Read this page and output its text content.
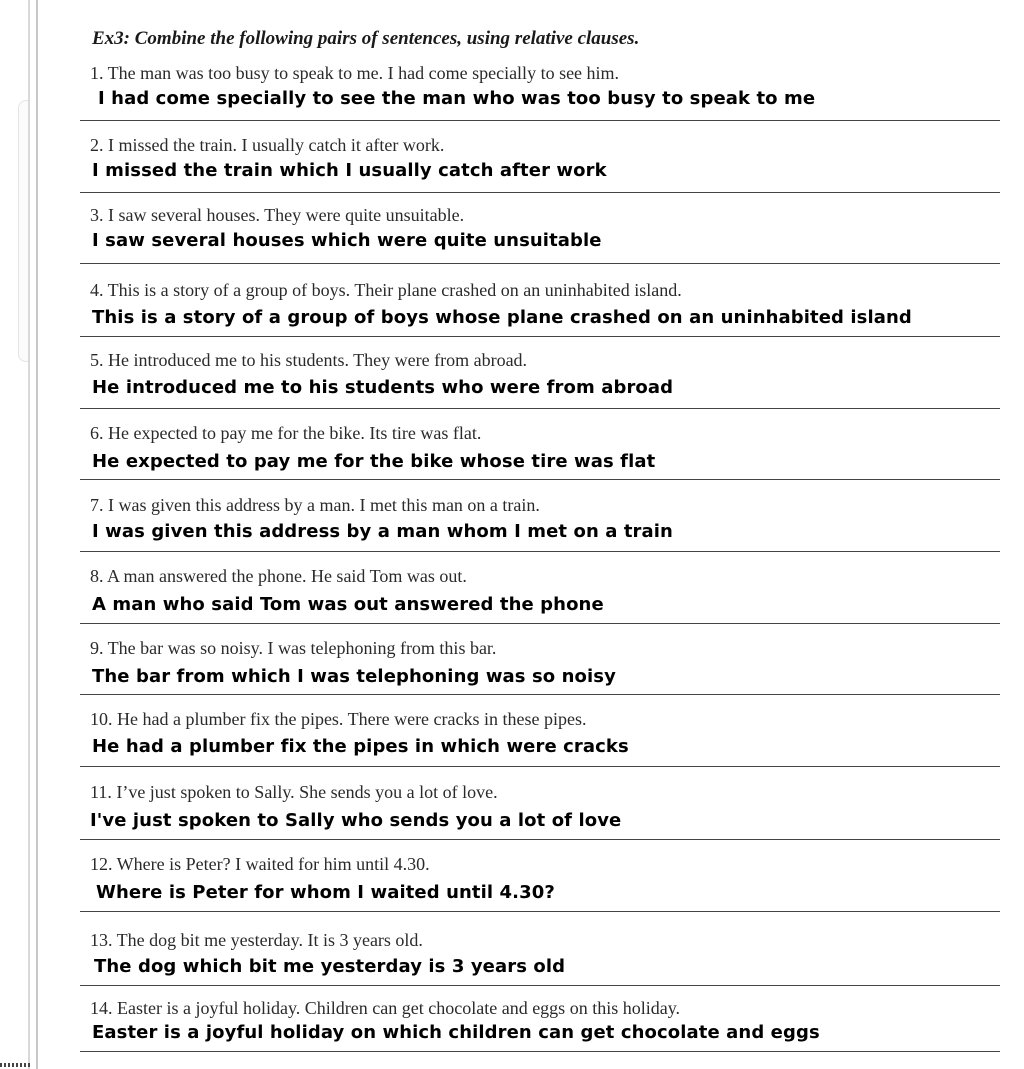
Ex3: Combine the following pairs of sentences, using relative clauses.
1. The man was too busy to speak to me. I had come specially to see him.
I had come specially to see the man who was too busy to speak to me
2. I missed the train. I usually catch it after work.
I missed the train which I usually catch after work
3. I saw several houses. They were quite unsuitable.
I saw several houses which were quite unsuitable
4. This is a story of a group of boys. Their plane crashed on an uninhabited island.
This is a story of a group of boys whose plane crashed on an uninhabited island
5. He introduced me to his students. They were from abroad.
He introduced me to his students who were from abroad
6. He expected to pay me for the bike. Its tire was flat.
He expected to pay me for the bike whose tire was flat
7. I was given this address by a man. I met this man on a train.
I was given this address by a man whom I met on a train
8. A man answered the phone. He said Tom was out.
A man who said Tom was out answered the phone
9. The bar was so noisy. I was telephoning from this bar.
The bar from which I was telephoning was so noisy
10. He had a plumber fix the pipes. There were cracks in these pipes.
He had a plumber fix the pipes in which were cracks
11. I’ve just spoken to Sally. She sends you a lot of love.
I've just spoken to Sally who sends you a lot of love
12. Where is Peter? I waited for him until 4.30.
Where is Peter for whom I waited until 4.30?
13. The dog bit me yesterday. It is 3 years old.
The dog which bit me yesterday is 3 years old
14. Easter is a joyful holiday. Children can get chocolate and eggs on this holiday.
Easter is a joyful holiday on which children can get chocolate and eggs
